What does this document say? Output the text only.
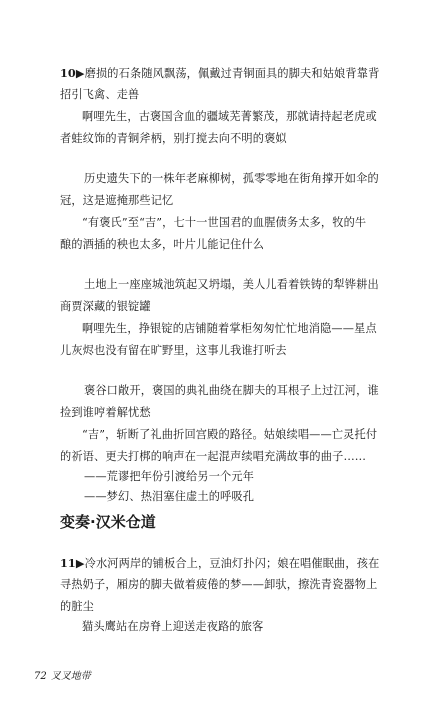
10▶磨损的石条随风飘荡，佩戴过青铜面具的脚夫和姑娘背靠背
招引飞禽、走兽
啊哩先生，古褒国含血的疆域芜菁繁茂，那就请持起老虎或
者蛙纹饰的青铜斧柄，别打搅去向不明的褒姒
历史遗失下的一株年老麻柳树，孤零零地在街角撑开如伞的
冠，这是遮掩那些记忆
“有褒氏”至“吉”，七十一世国君的血腥债务太多，牧的牛
酿的酒插的秧也太多，叶片儿能记住什么
土地上一座座城池筑起又坍塌，美人儿看着铁铸的犁铧耕出
商贾深藏的银锭罐
啊哩先生，挣银锭的店铺随着掌柜匆匆忙忙地消隐——星点
儿灰烬也没有留在旷野里，这事儿我谁打听去
褒谷口敞开，褒国的典礼曲绕在脚夫的耳根子上过江河，谁
捡到谁哼着解忧愁
“吉”，斩断了礼曲折回宫殿的路径。姑娘续唱——亡灵托付
的祈语、更夫打梆的响声在一起混声续唱充满故事的曲子……
——荒谬把年份引渡给另一个元年
——梦幻、热泪塞住虚土的呼吸孔
变奏·汉米仓道
11▶冷水河两岸的铺板合上，豆油灯扑闪；娘在唱催眠曲，孩在
寻热奶子，厢房的脚夫做着疲倦的梦——卸驮，擦洗青瓷器物上
的脏尘
猫头鹰站在房脊上迎送走夜路的旅客
72 叉叉地带
